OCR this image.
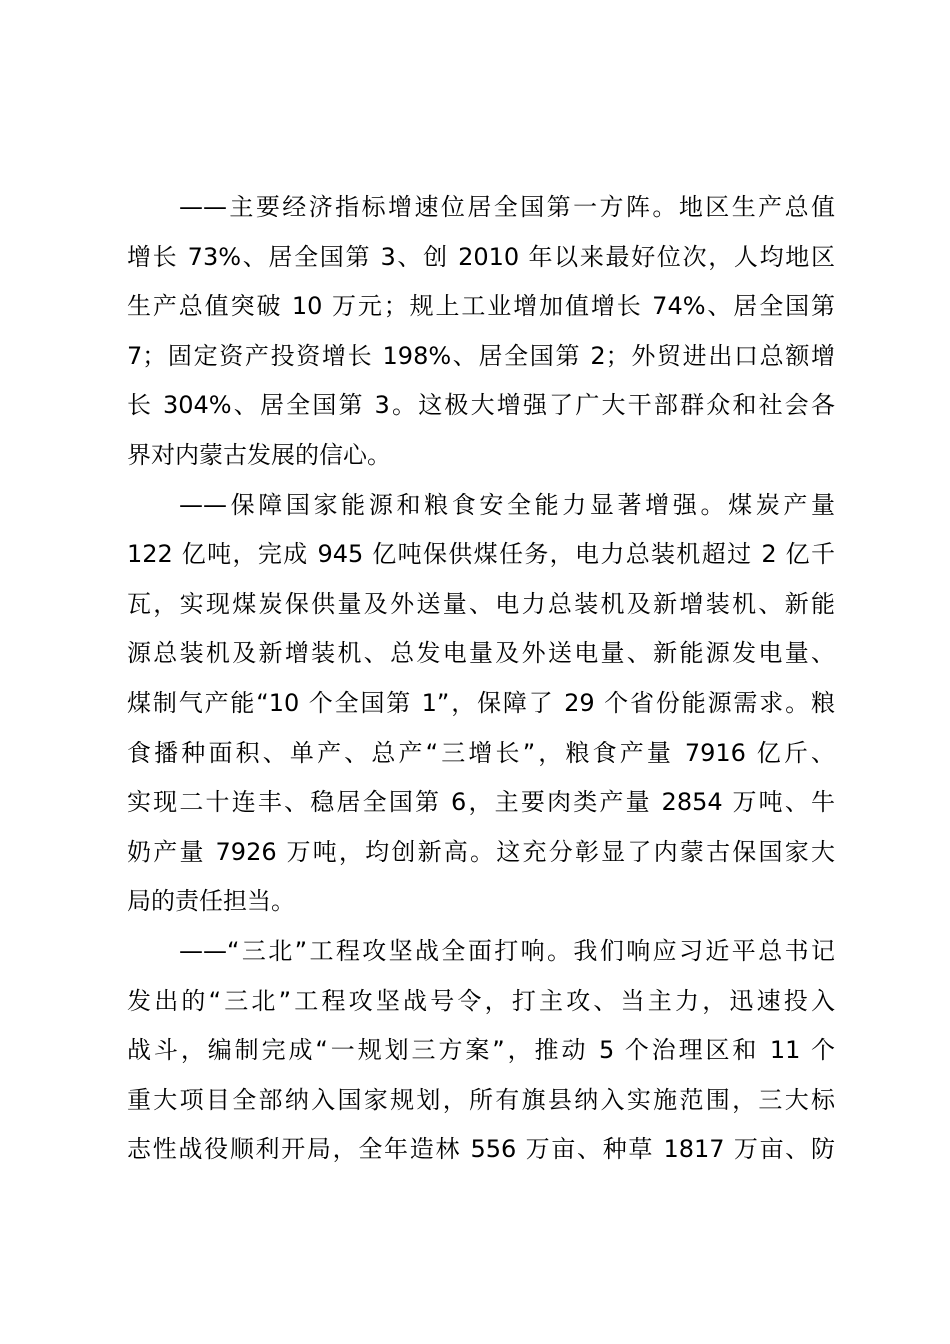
——主要经济指标增速位居全国第一方阵。地区生产总值
增长 73%、居全国第 3、创 2010 年以来最好位次，人均地区
生产总值突破 10 万元；规上工业增加值增长 74%、居全国第
7；固定资产投资增长 198%、居全国第 2；外贸进出口总额增
长 304%、居全国第 3。这极大增强了广大干部群众和社会各
界对内蒙古发展的信心。
——保障国家能源和粮食安全能力显著增强。煤炭产量
122 亿吨，完成 945 亿吨保供煤任务，电力总装机超过 2 亿千
瓦，实现煤炭保供量及外送量、电力总装机及新增装机、新能
源总装机及新增装机、总发电量及外送电量、新能源发电量、
煤制气产能“10 个全国第 1”，保障了 29 个省份能源需求。粮
食播种面积、单产、总产“三增长”，粮食产量 7916 亿斤、
实现二十连丰、稳居全国第 6，主要肉类产量 2854 万吨、牛
奶产量 7926 万吨，均创新高。这充分彰显了内蒙古保国家大
局的责任担当。
——“三北”工程攻坚战全面打响。我们响应习近平总书记
发出的“三北”工程攻坚战号令，打主攻、当主力，迅速投入
战斗，编制完成“一规划三方案”，推动 5 个治理区和 11 个
重大项目全部纳入国家规划，所有旗县纳入实施范围，三大标
志性战役顺利开局，全年造林 556 万亩、种草 1817 万亩、防
